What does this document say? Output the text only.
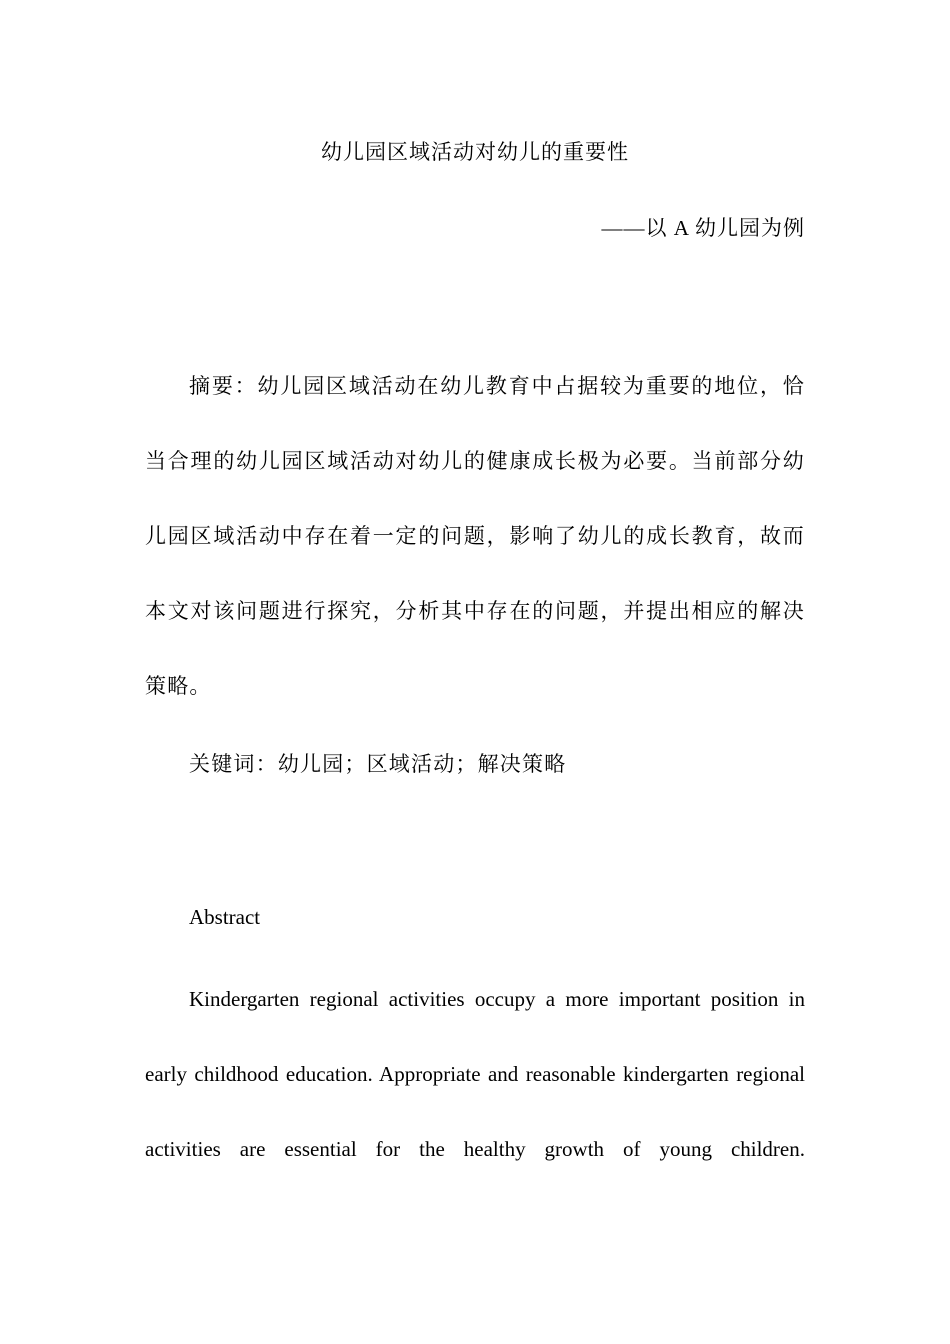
幼儿园区域活动对幼儿的重要性
——以 A 幼儿园为例
摘要：幼儿园区域活动在幼儿教育中占据较为重要的地位，恰当合理的幼儿园区域活动对幼儿的健康成长极为必要。当前部分幼儿园区域活动中存在着一定的问题，影响了幼儿的成长教育，故而本文对该问题进行探究，分析其中存在的问题，并提出相应的解决策略。
关键词：幼儿园；区域活动；解决策略
Abstract
Kindergarten regional activities occupy a more important position in early childhood education. Appropriate and reasonable kindergarten regional activities are essential for the healthy growth of young children.
